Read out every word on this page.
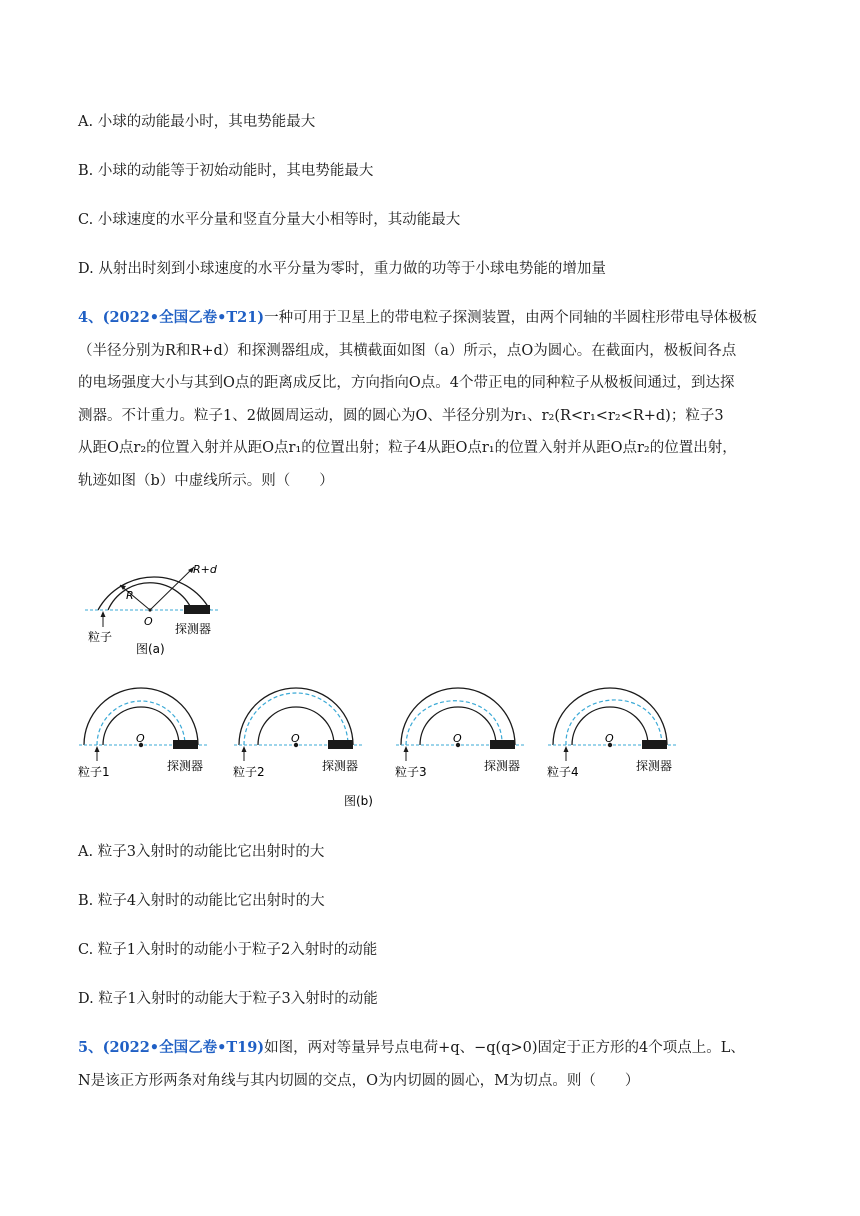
A. 小球的动能最小时，其电势能最大
B. 小球的动能等于初始动能时，其电势能最大
C. 小球速度的水平分量和竖直分量大小相等时，其动能最大
D. 从射出时刻到小球速度的水平分量为零时，重力做的功等于小球电势能的增加量
4、(2022•全国乙卷•T21)一种可用于卫星上的带电粒子探测装置，由两个同轴的半圆柱形带电导体极板
（半径分别为R和R+d）和探测器组成，其横截面如图（a）所示，点O为圆心。在截面内，极板间各点
的电场强度大小与其到O点的距离成反比，方向指向O点。4个带正电的同种粒子从极板间通过，到达探
测器。不计重力。粒子1、2做圆周运动，圆的圆心为O、半径分别为r₁、r₂(R<r₁<r₂<R+d)；粒子3
从距O点r₂的位置入射并从距O点r₁的位置出射；粒子4从距O点r₁的位置入射并从距O点r₂的位置出射，
轨迹如图（b）中虚线所示。则（　　）
R
R+d
O
粒子
探测器
图(a)
O
粒子1	探测器
O
粒子2	探测器
O
粒子3	探测器
O
粒子4	探测器
图(b)
A. 粒子3入射时的动能比它出射时的大
B. 粒子4入射时的动能比它出射时的大
C. 粒子1入射时的动能小于粒子2入射时的动能
D. 粒子1入射时的动能大于粒子3入射时的动能
5、(2022•全国乙卷•T19)如图，两对等量异号点电荷+q、−q(q>0)固定于正方形的4个项点上。L、
N是该正方形两条对角线与其内切圆的交点，O为内切圆的圆心，M为切点。则（　　）
